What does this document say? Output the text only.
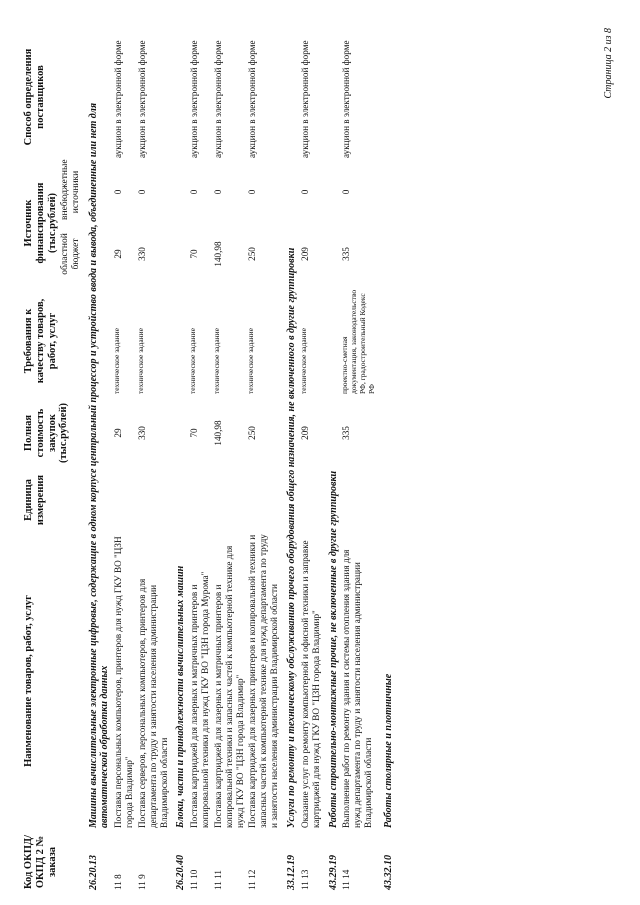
Код ОКПД/ ОКПД 2 № заказа	Наименование товаров, работ, услуг	Единица измерения	Полная стоимость закупок (тыс.рублей)	Требования к качеству товаров, работ, услуг	Источник финансирования (тыс.рублей)		Способ определения поставщиков
					областной бюджет	внебюджетные источники	
26.20.13	Машины вычислительные электронные цифровые, содержащие в одном корпусе центральный процессор и устройство ввода и вывода, объединенные или нет для автоматической обработки данных						
11 8	Поставка персональных компьютеров, принтеров для нужд ГКУ ВО "ЦЗН города Владимир"		29	техническое задание	29	0	аукцион в электронной форме
11 9	Поставка серверов, персональных компьютеров, принтеров для департамента по труду и занятости населения администрации Владимирской области		330	техническое задание	330	0	аукцион в электронной форме
26.20.40	Блоки, части и принадлежности вычислительных машин						
11 10	Поставка картриджей для лазерных и матричных принтеров и копировальной техники для нужд ГКУ ВО "ЦЗН города Мурома"		70	техническое задание	70	0	аукцион в электронной форме
11 11	Поставка картриджей для лазерных и матричных принтеров и копировальной техники и запасных частей к компьютерной технике для нужд ГКУ ВО "ЦЗН города Владимир"		140,98	техническое задание	140,98	0	аукцион в электронной форме
11 12	Поставка картриджей для лазерных принтеров и копировальной техники и запасных частей к компьютерной технике для нужд департамента по труду и занятости населения администрации Владимирской области		250	техническое задание	250	0	аукцион в электронной форме
33.12.19	Услуги по ремонту и техническому обслуживанию прочего оборудования общего назначения, не включенного в другие группировки						
11 13	Оказание услуг по ремонту компьютерной и офисной техники и заправке картриджей для нужд ГКУ ВО "ЦЗН города Владимир"		209	техническое задание	209	0	аукцион в электронной форме
43.29.19	Работы строительно-монтажные прочие, не включенные в другие группировки						
11 14	Выполнение работ по ремонту здания и системы отопления здания для нужд департамента по труду и занятости населения администрации Владимирской области		335	проектно-сметная документация, законодательство РФ, градостроительный Кодекс РФ	335	0	аукцион в электронной форме
43.32.10	Работы столярные и плотничные						
Страница 2 из 8
